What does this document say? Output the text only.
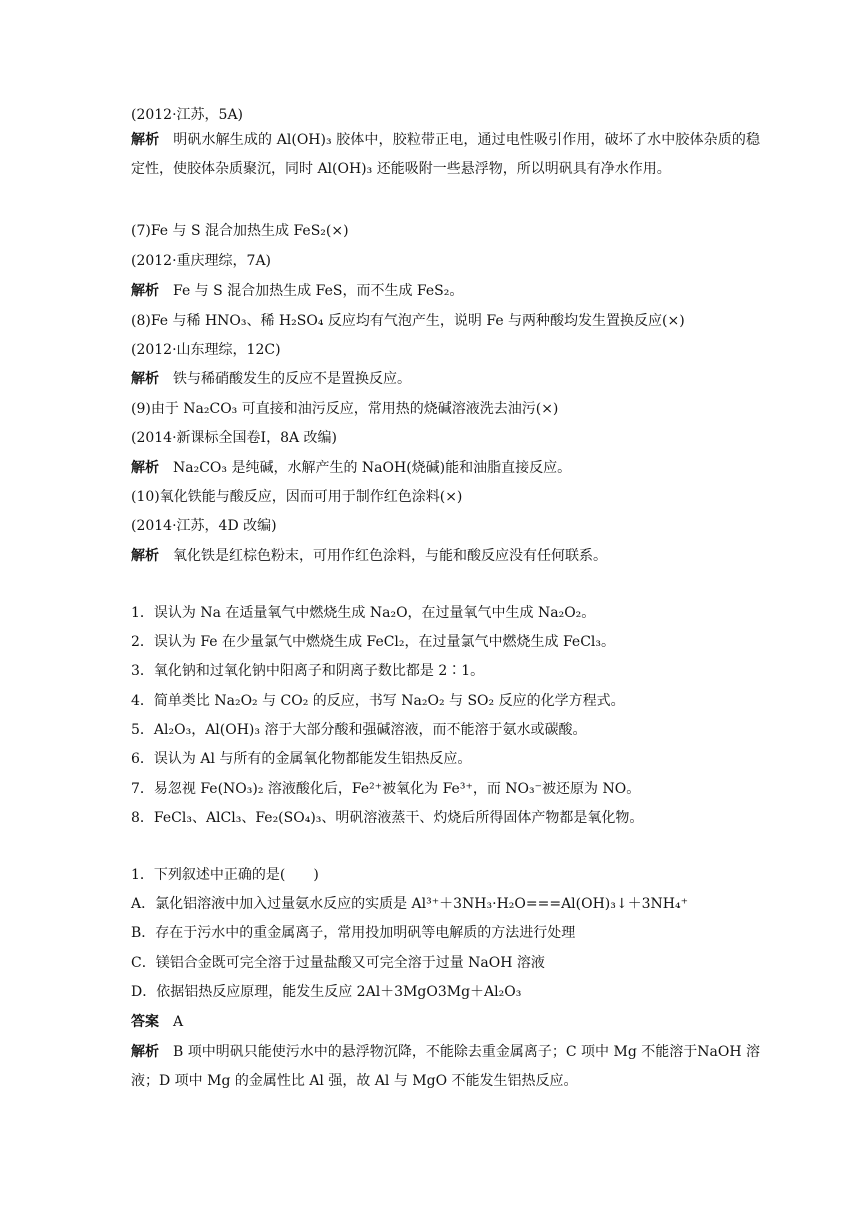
(2012·江苏，5A)
解析 明矾水解生成的 Al(OH)₃ 胶体中，胶粒带正电，通过电性吸引作用，破坏了水中胶体杂质的稳定性，使胶体杂质聚沉，同时 Al(OH)₃ 还能吸附一些悬浮物，所以明矾具有净水作用。
(7)Fe 与 S 混合加热生成 FeS₂(×)
(2012·重庆理综，7A)
解析 Fe 与 S 混合加热生成 FeS，而不生成 FeS₂。
(8)Fe 与稀 HNO₃、稀 H₂SO₄ 反应均有气泡产生，说明 Fe 与两种酸均发生置换反应(×)
(2012·山东理综，12C)
解析 铁与稀硝酸发生的反应不是置换反应。
(9)由于 Na₂CO₃ 可直接和油污反应，常用热的烧碱溶液洗去油污(×)
(2014·新课标全国卷Ⅰ，8A 改编)
解析 Na₂CO₃ 是纯碱，水解产生的 NaOH(烧碱)能和油脂直接反应。
(10)氧化铁能与酸反应，因而可用于制作红色涂料(×)
(2014·江苏，4D 改编)
解析 氧化铁是红棕色粉末，可用作红色涂料，与能和酸反应没有任何联系。
1．误认为 Na 在适量氧气中燃烧生成 Na₂O，在过量氧气中生成 Na₂O₂。
2．误认为 Fe 在少量氯气中燃烧生成 FeCl₂，在过量氯气中燃烧生成 FeCl₃。
3．氧化钠和过氧化钠中阳离子和阴离子数比都是 2∶1。
4．简单类比 Na₂O₂ 与 CO₂ 的反应，书写 Na₂O₂ 与 SO₂ 反应的化学方程式。
5．Al₂O₃，Al(OH)₃ 溶于大部分酸和强碱溶液，而不能溶于氨水或碳酸。
6．误认为 Al 与所有的金属氧化物都能发生铝热反应。
7．易忽视 Fe(NO₃)₂ 溶液酸化后，Fe²⁺被氧化为 Fe³⁺，而 NO₃⁻被还原为 NO。
8．FeCl₃、AlCl₃、Fe₂(SO₄)₃、明矾溶液蒸干、灼烧后所得固体产物都是氧化物。
1．下列叙述中正确的是(　　)
A．氯化铝溶液中加入过量氨水反应的实质是 Al³⁺＋3NH₃·H₂O===Al(OH)₃↓＋3NH₄⁺
B．存在于污水中的重金属离子，常用投加明矾等电解质的方法进行处理
C．镁铝合金既可完全溶于过量盐酸又可完全溶于过量 NaOH 溶液
D．依据铝热反应原理，能发生反应 2Al＋3MgO3Mg＋Al₂O₃
答案 A
解析 B 项中明矾只能使污水中的悬浮物沉降，不能除去重金属离子；C 项中 Mg 不能溶于NaOH 溶液；D 项中 Mg 的金属性比 Al 强，故 Al 与 MgO 不能发生铝热反应。
